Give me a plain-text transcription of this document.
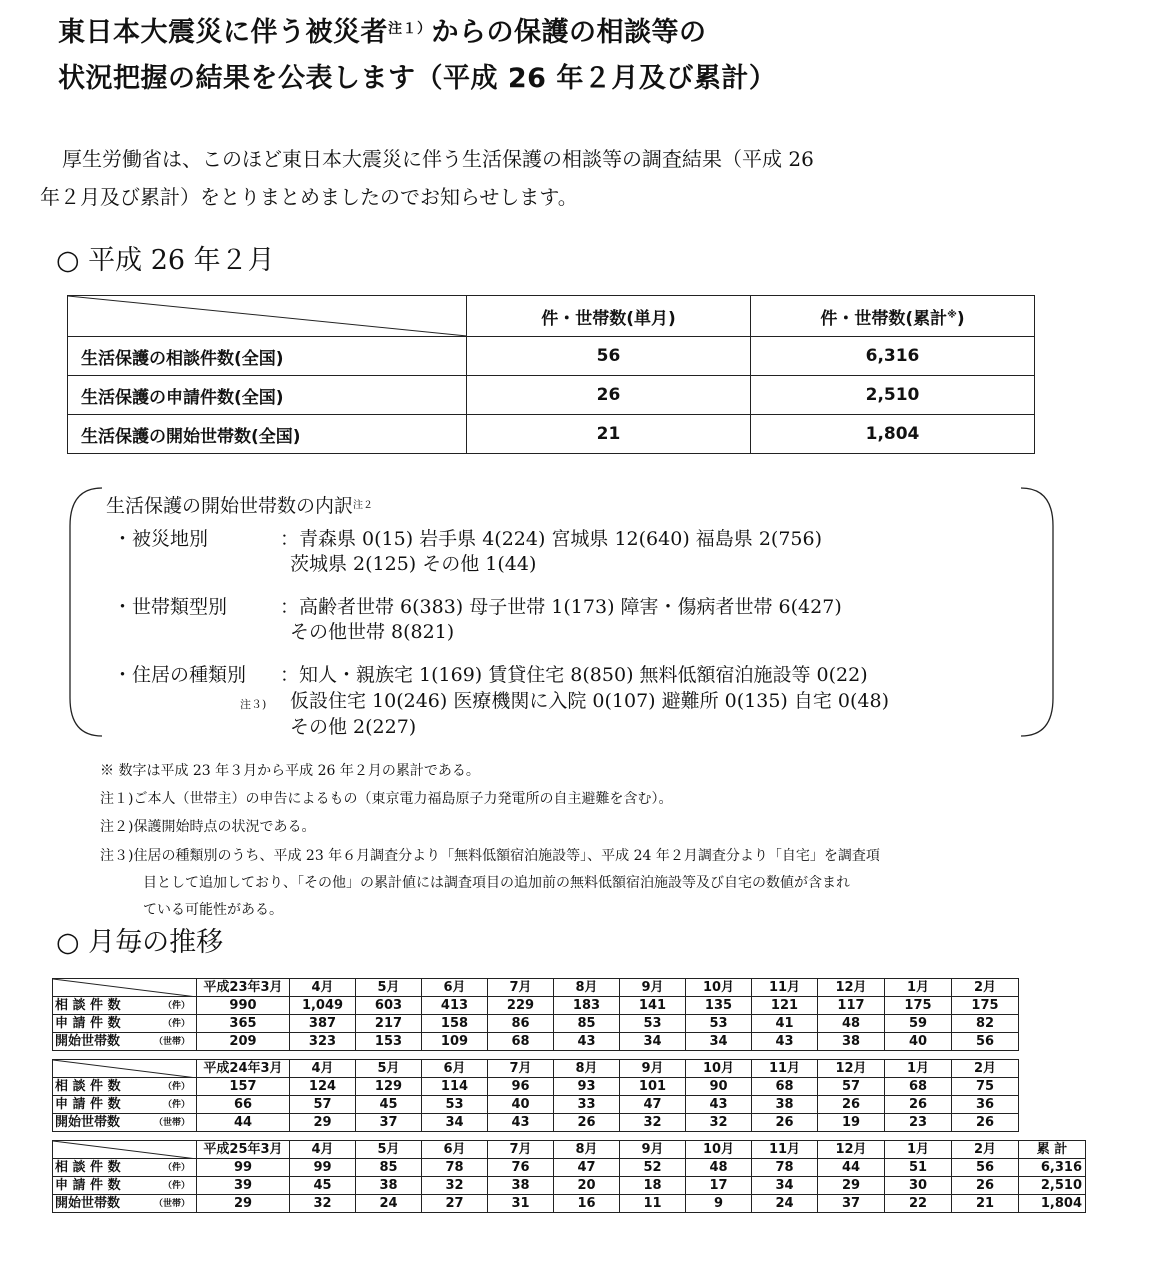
東日本大震災に伴う被災者$^{注1)}$からの保護の相談等の
状況把握の結果を公表します（平成 26 年２月及び累計）
厚生労働省は、このほど東日本大震災に伴う生活保護の相談等の調査結果（平成 26
年２月及び累計）をとりまとめましたのでお知らせします。
○ 平成 26 年２月
	件・世帯数(単月)	件・世帯数(累計※)
生活保護の相談件数(全国)	56	6,316
生活保護の申請件数(全国)	26	2,510
生活保護の開始世帯数(全国)	21	1,804
生活保護の開始世帯数の内訳$^{注2}$
・被災地別	：青森県 0(15) 岩手県 4(224) 宮城県 12(640) 福島県 2(756)
茨城県 2(125) その他 1(44)
・世帯類型別	：高齢者世帯 6(383) 母子世帯 1(173) 障害・傷病者世帯 6(427)
その他世帯 8(821)
・住居の種類別
注３)
：知人・親族宅 1(169) 賃貸住宅 8(850) 無料低額宿泊施設等 0(22)
仮設住宅 10(246) 医療機関に入院 0(107) 避難所 0(135) 自宅 0(48)
その他 2(227)
※ 数字は平成 23 年３月から平成 26 年２月の累計である。
注１)ご本人（世帯主）の申告によるもの（東京電力福島原子力発電所の自主避難を含む）。
注２)保護開始時点の状況である。
注３)住居の種類別のうち、平成 23 年６月調査分より「無料低額宿泊施設等」、平成 24 年２月調査分より「自宅」を調査項
目として追加しており、「その他」の累計値には調査項目の追加前の無料低額宿泊施設等及び自宅の数値が含まれ
ている可能性がある。
○ 月毎の推移
	平成23年3月	4月	5月	6月	7月	8月	9月	10月	11月	12月	1月	2月
相 談 件 数 （件）	990	1,049	603	413	229	183	141	135	121	117	175	175
申 請 件 数 （件）	365	387	217	158	86	85	53	53	41	48	59	82
開始世帯数 （世帯）	209	323	153	109	68	43	34	34	43	38	40	56
	平成24年3月	4月	5月	6月	7月	8月	9月	10月	11月	12月	1月	2月
相 談 件 数 （件）	157	124	129	114	96	93	101	90	68	57	68	75
申 請 件 数 （件）	66	57	45	53	40	33	47	43	38	26	26	36
開始世帯数 （世帯）	44	29	37	34	43	26	32	32	26	19	23	26
	平成25年3月	4月	5月	6月	7月	8月	9月	10月	11月	12月	1月	2月	累 計
相 談 件 数 （件）	99	99	85	78	76	47	52	48	78	44	51	56	6,316
申 請 件 数 （件）	39	45	38	32	38	20	18	17	34	29	30	26	2,510
開始世帯数 （世帯）	29	32	24	27	31	16	11	9	24	37	22	21	1,804
